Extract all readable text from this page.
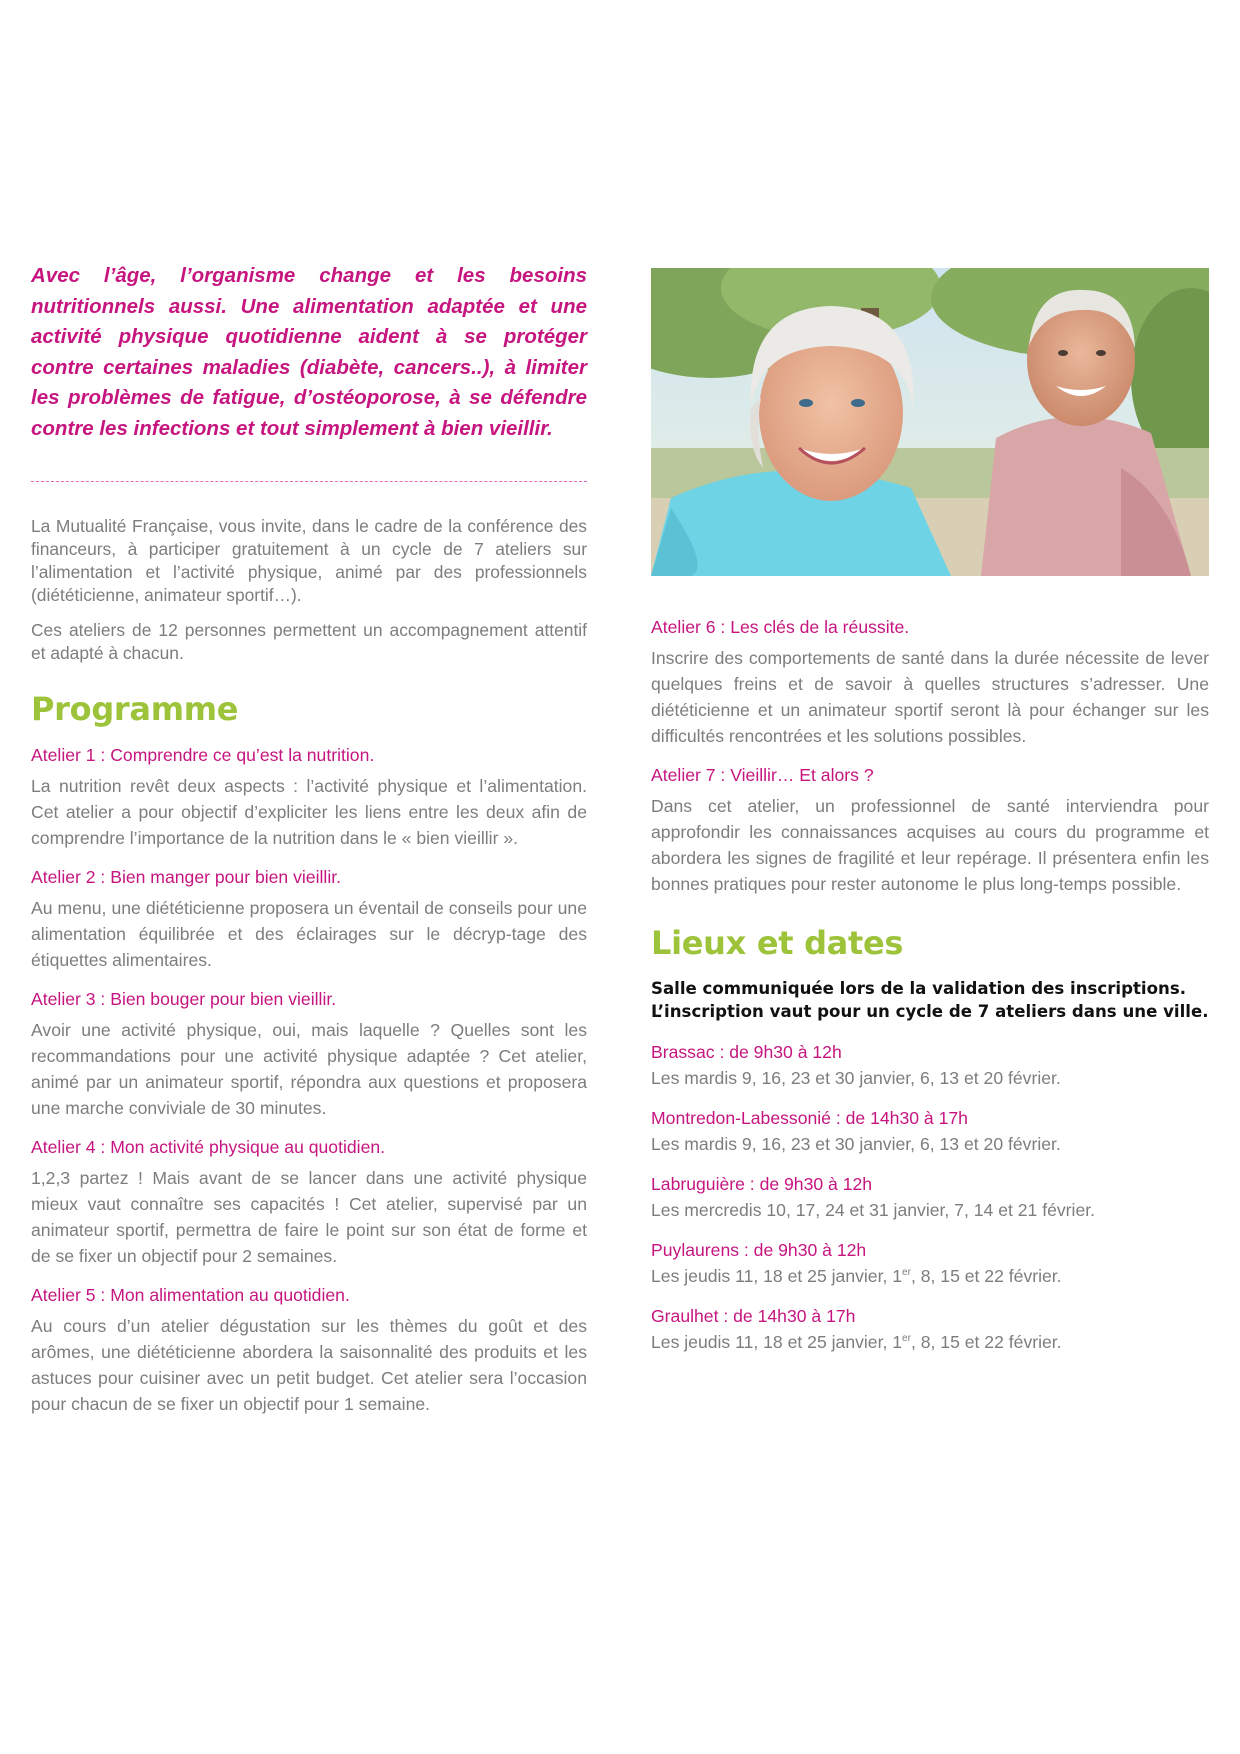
Avec l’âge, l’organisme change et les besoins nutritionnels aussi. Une alimentation adaptée et une activité physique quotidienne aident à se protéger contre certaines maladies (diabète, cancers..), à limiter les problèmes de fatigue, d’ostéoporose, à se défendre contre les infections et tout simplement à bien vieillir.

La Mutualité Française, vous invite, dans le cadre de la conférence des financeurs, à participer gratuitement à un cycle de 7 ateliers sur l’alimentation et l’activité physique, animé par des professionnels (diététicienne, animateur sportif…).

Ces ateliers de 12 personnes permettent un accompagnement attentif et adapté à chacun.

Programme

Atelier 1 : Comprendre ce qu’est la nutrition.

La nutrition revêt deux aspects : l’activité physique et l’alimentation. Cet atelier a pour objectif d’expliciter les liens entre les deux afin de comprendre l’importance de la nutrition dans le « bien vieillir ».

Atelier 2 : Bien manger pour bien vieillir.

Au menu, une diététicienne proposera un éventail de conseils pour une alimentation équilibrée et des éclairages sur le décryp-tage des étiquettes alimentaires.

Atelier 3 : Bien bouger pour bien vieillir.

Avoir une activité physique, oui, mais laquelle ? Quelles sont les recommandations pour une activité physique adaptée ? Cet atelier, animé par un animateur sportif, répondra aux questions et proposera une marche conviviale de 30 minutes.

Atelier 4 : Mon activité physique au quotidien.

1,2,3 partez ! Mais avant de se lancer dans une activité physique mieux vaut connaître ses capacités ! Cet atelier, supervisé par un animateur sportif, permettra de faire le point sur son état de forme et de se fixer un objectif pour 2 semaines.

Atelier 5 : Mon alimentation au quotidien.

Au cours d’un atelier dégustation sur les thèmes du goût et des arômes, une diététicienne abordera la saisonnalité des produits et les astuces pour cuisiner avec un petit budget. Cet atelier sera l’occasion pour chacun de se fixer un objectif pour 1 semaine.

Atelier 6 : Les clés de la réussite.

Inscrire des comportements de santé dans la durée nécessite de lever quelques freins et de savoir à quelles structures s’adresser. Une diététicienne et un animateur sportif seront là pour échanger sur les difficultés rencontrées et les solutions possibles.

Atelier 7 : Vieillir… Et alors ?

Dans cet atelier, un professionnel de santé interviendra pour approfondir les connaissances acquises au cours du programme et abordera les signes de fragilité et leur repérage. Il présentera enfin les bonnes pratiques pour rester autonome le plus long-temps possible.

Lieux et dates

Salle communiquée lors de la validation des inscriptions.
L’inscription vaut pour un cycle de 7 ateliers dans une ville.

Brassac : de 9h30 à 12h

Les mardis 9, 16, 23 et 30 janvier, 6, 13 et 20 février.

Montredon-Labessonié : de 14h30 à 17h

Les mardis 9, 16, 23 et 30 janvier, 6, 13 et 20 février.

Labruguière : de 9h30 à 12h

Les mercredis 10, 17, 24 et 31 janvier, 7, 14 et 21 février.

Puylaurens : de 9h30 à 12h

Les jeudis 11, 18 et 25 janvier, 1er, 8, 15 et 22 février.

Graulhet : de 14h30 à 17h

Les jeudis 11, 18 et 25 janvier, 1er, 8, 15 et 22 février.
